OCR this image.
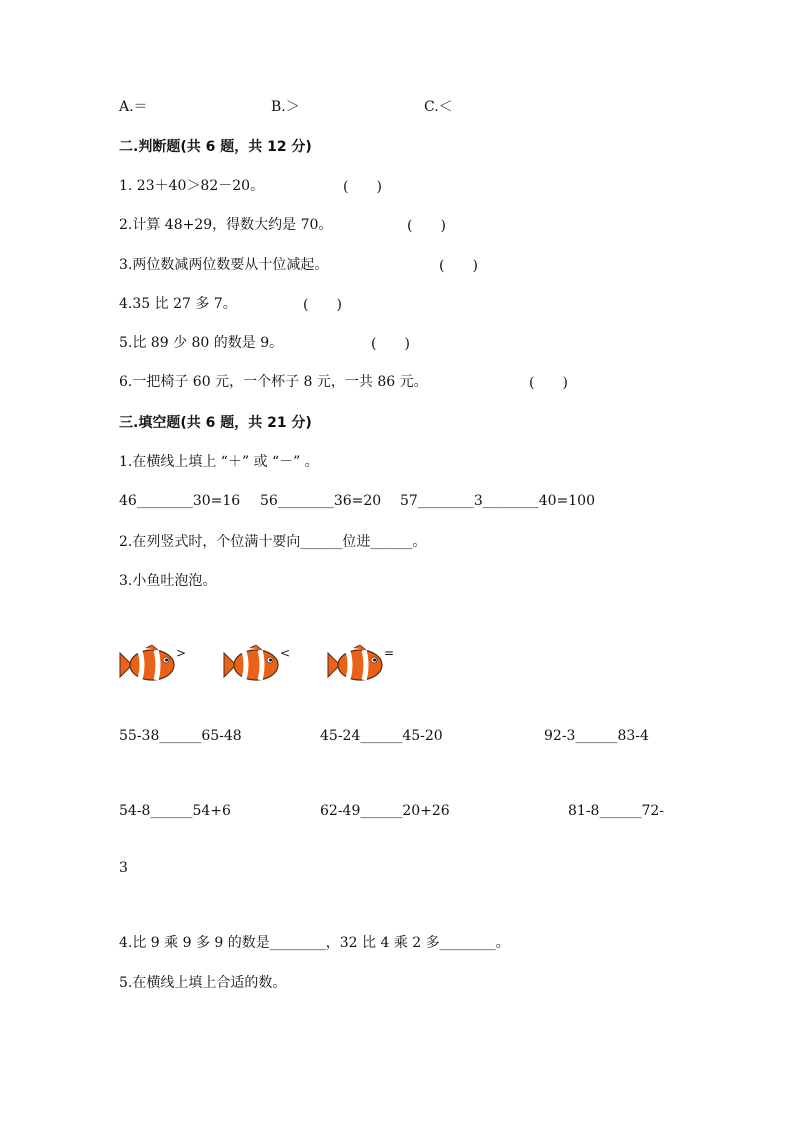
A.＝	B.＞	C.＜
二.判断题(共 6 题，共 12 分)
1. 23＋40＞82－20。	(　　)
2.计算 48+29，得数大约是 70。	(　　)
3.两位数减两位数要从十位减起。	(　　)
4.35 比 27 多 7。	(　　)
5.比 89 少 80 的数是 9。	(　　)
6.一把椅子 60 元，一个杯子 8 元，一共 86 元。	(　　)
三.填空题(共 6 题，共 21 分)
1.在横线上填上 “＋” 或 “－” 。
46________30=16 56________36=20 57________3________40=100
2.在列竖式时，个位满十要向______位进______。
3.小鱼吐泡泡。
>	<	=
55-38______65-48	45-24______45-20	92-3______83-4
54-8______54+6	62-49______20+26	81-8______72-
3
4.比 9 乘 9 多 9 的数是________，32 比 4 乘 2 多________。
5.在横线上填上合适的数。
